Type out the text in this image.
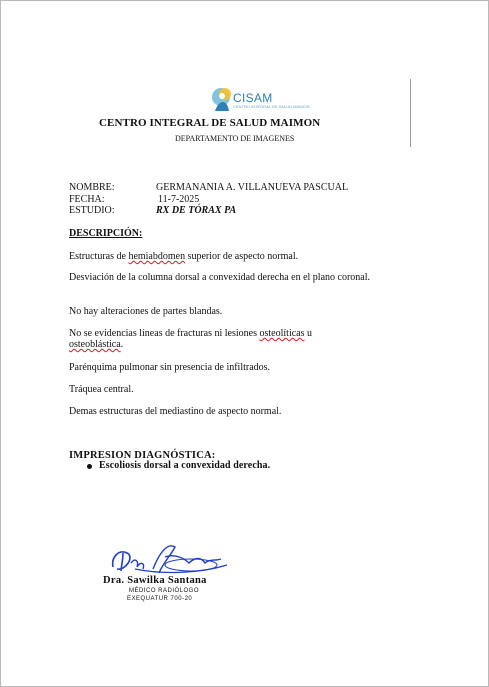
CISAM
CENTRO INTEGRAL DE SALUD MAIMON
CENTRO INTEGRAL DE SALUD MAIMON
DEPARTAMENTO DE IMAGENES
NOMBRE:	GERMANANIA A. VILLANUEVA PASCUAL
FECHA:	11-7-2025
ESTUDIO:	RX DE TÓRAX PA
DESCRIPCIÓN:
Estructuras de hemiabdomen superior de aspecto normal.
Desviación de la columna dorsal a convexidad derecha en el plano coronal.
No hay alteraciones de partes blandas.
No se evidencias líneas de fracturas ni lesiones osteolíticas u
osteoblástica.
Parénquima pulmonar sin presencia de infiltrados.
Tráquea central.
Demas estructuras del mediastino de aspecto normal.
IMPRESION DIAGNÓSTICA:
Escoliosis dorsal a convexidad derecha.
Dra. Sawilka Santana
MÉDICO RADIÓLOGO
EXEQUATUR 700-20
